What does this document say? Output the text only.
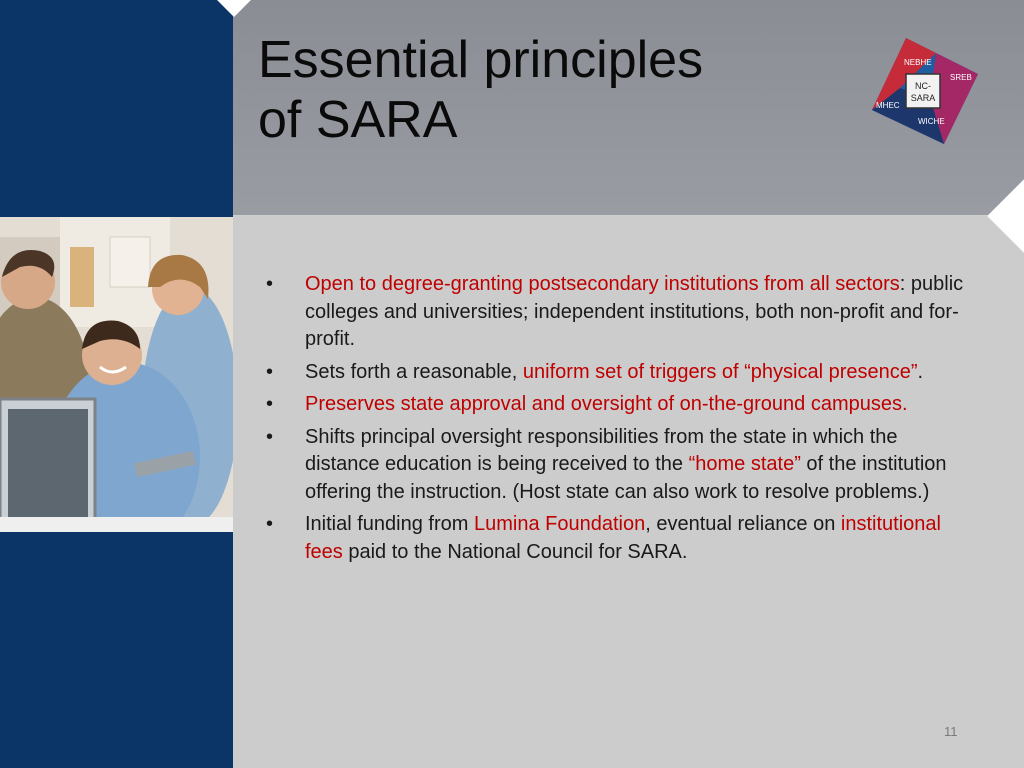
Essential principles
of SARA
NC-
SARA
NEBHE
SREB
MHEC
WICHE
• Open to degree-granting postsecondary institutions from all sectors: public colleges and universities; independent institutions, both non-profit and for-profit.
• Sets forth a reasonable, uniform set of triggers of “physical presence”.
• Preserves state approval and oversight of on-the-ground campuses.
• Shifts principal oversight responsibilities from the state in which the distance education is being received to the “home state” of the institution offering the instruction. (Host state can also work to resolve problems.)
• Initial funding from Lumina Foundation, eventual reliance on institutional fees paid to the National Council for SARA.
11
